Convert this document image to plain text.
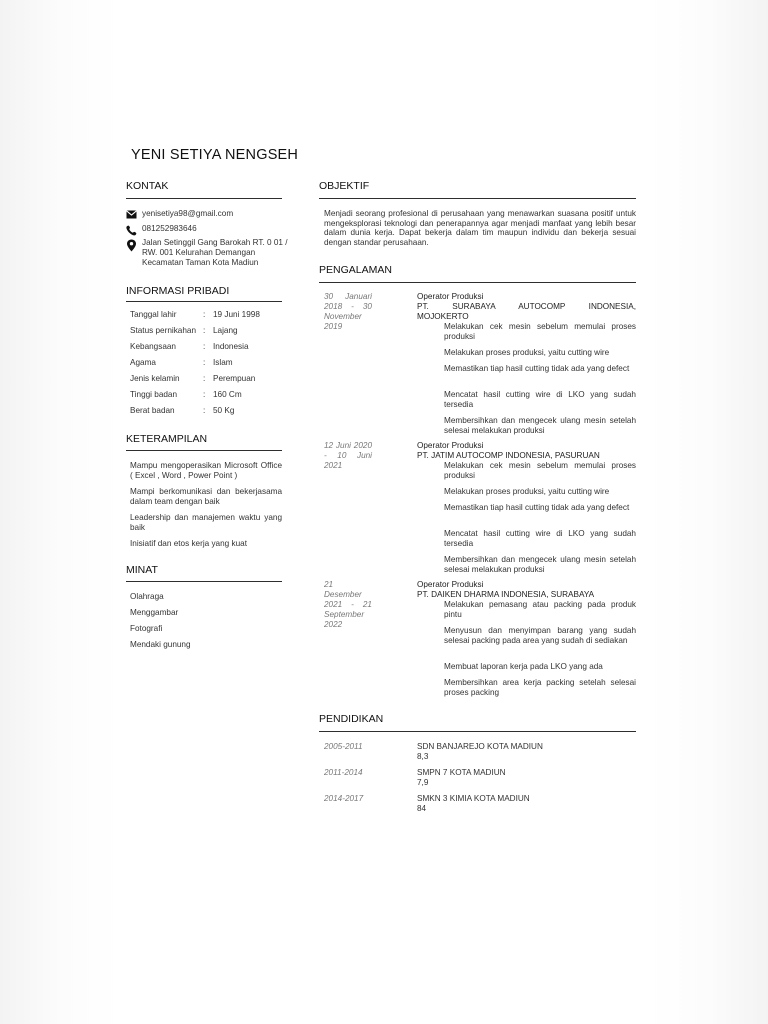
YENI SETIYA NENGSEH
KONTAK
yenisetiya98@gmail.com
081252983646
Jalan Setinggil Gang Barokah RT. 0 01 / RW. 001 Kelurahan Demangan Kecamatan Taman Kota Madiun
INFORMASI PRIBADI
Tanggal lahir	: 19 Juni 1998
Status pernikahan : Lajang
Kebangsaan	: Indonesia
Agama	: Islam
Jenis kelamin	: Perempuan
Tinggi badan	: 160 Cm
Berat badan	: 50 Kg
KETERAMPILAN
Mampu mengoperasikan Microsoft Office ( Excel , Word , Power Point )
Mampi berkomunikasi dan bekerjasama dalam team dengan baik
Leadership dan manajemen waktu yang baik
Inisiatif dan etos kerja yang kuat
MINAT
Olahraga
Menggambar
Fotografi
Mendaki gunung
OBJEKTIF
Menjadi seorang profesional di perusahaan yang menawarkan suasana positif untuk mengeksplorasi teknologi dan penerapannya agar menjadi manfaat yang lebih besar dalam dunia kerja. Dapat bekerja dalam tim maupun individu dan bekerja sesuai dengan standar perusahaan.
PENGALAMAN
30 Januari 2018 - 30 November 2019
Operator Produksi
PT. SURABAYA AUTOCOMP INDONESIA,
MOJOKERTO
Melakukan cek mesin sebelum memulai proses produksi
Melakukan proses produksi, yaitu cutting wire
Memastikan tiap hasil cutting tidak ada yang defect
Mencatat hasil cutting wire di LKO yang sudah tersedia
Membersihkan dan mengecek ulang mesin setelah selesai melakukan produksi
12 Juni 2020 - 10 Juni 2021
Operator Produksi
PT. JATIM AUTOCOMP INDONESIA, PASURUAN
Melakukan cek mesin sebelum memulai proses produksi
Melakukan proses produksi, yaitu cutting wire
Memastikan tiap hasil cutting tidak ada yang defect
Mencatat hasil cutting wire di LKO yang sudah tersedia
Membersihkan dan mengecek ulang mesin setelah selesai melakukan produksi
21 Desember 2021 - 21 September 2022
Operator Produksi
PT. DAIKEN DHARMA INDONESIA, SURABAYA
Melakukan pemasang atau packing pada produk pintu
Menyusun dan menyimpan barang yang sudah selesai packing pada area yang sudah di sediakan
Membuat laporan kerja pada LKO yang ada
Membersihkan area kerja packing setelah selesai proses packing
PENDIDIKAN
2005-2011	SDN BANJAREJO KOTA MADIUN
8,3
2011-2014	SMPN 7 KOTA MADIUN
7,9
2014-2017	SMKN 3 KIMIA KOTA MADIUN
84
